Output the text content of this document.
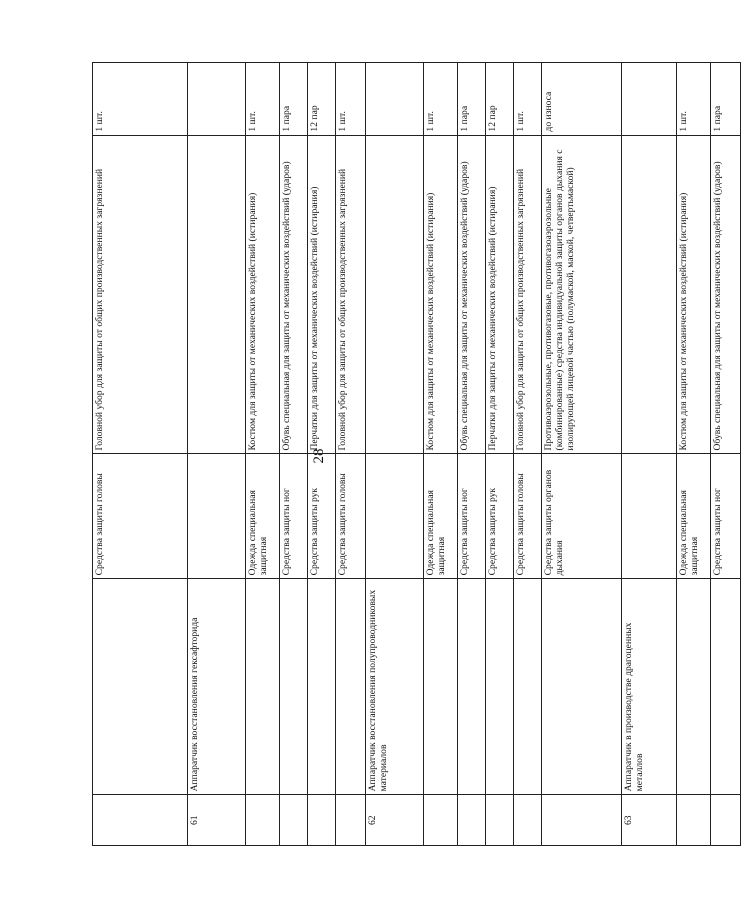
28
		Средства защиты головы	Головной убор для защиты от общих производственных загрязнений	1 шт.
61	Аппаратчик восстановления гексафторида			
		Одежда специальная защитная	Костюм для защиты от механических воздействий (истирания)	1 шт.
		Средства защиты ног	Обувь специальная для защиты от механических воздействий (ударов)	1 пара
		Средства защиты рук	Перчатки для защиты от механических воздействий (истирания)	12 пар
		Средства защиты головы	Головной убор для защиты от общих производственных загрязнений	1 шт.
62	Аппаратчик восстановления полупроводниковых материалов			
		Одежда специальная защитная	Костюм для защиты от механических воздействий (истирания)	1 шт.
		Средства защиты ног	Обувь специальная для защиты от механических воздействий (ударов)	1 пара
		Средства защиты рук	Перчатки для защиты от механических воздействий (истирания)	12 пар
		Средства защиты головы	Головной убор для защиты от общих производственных загрязнений	1 шт.
		Средства защиты органов дыхания	Противоаэрозольные, противогазовые, противогазоаэрозольные (комбинированные) средства индивидуальной защиты органов дыхания с изолирующей лицевой частью (полумаской, маской, четвертьмаской)	до износа
63	Аппаратчик в производстве драгоценных металлов			
		Одежда специальная защитная	Костюм для защиты от механических воздействий (истирания)	1 шт.
		Средства защиты ног	Обувь специальная для защиты от механических воздействий (ударов)	1 пара
